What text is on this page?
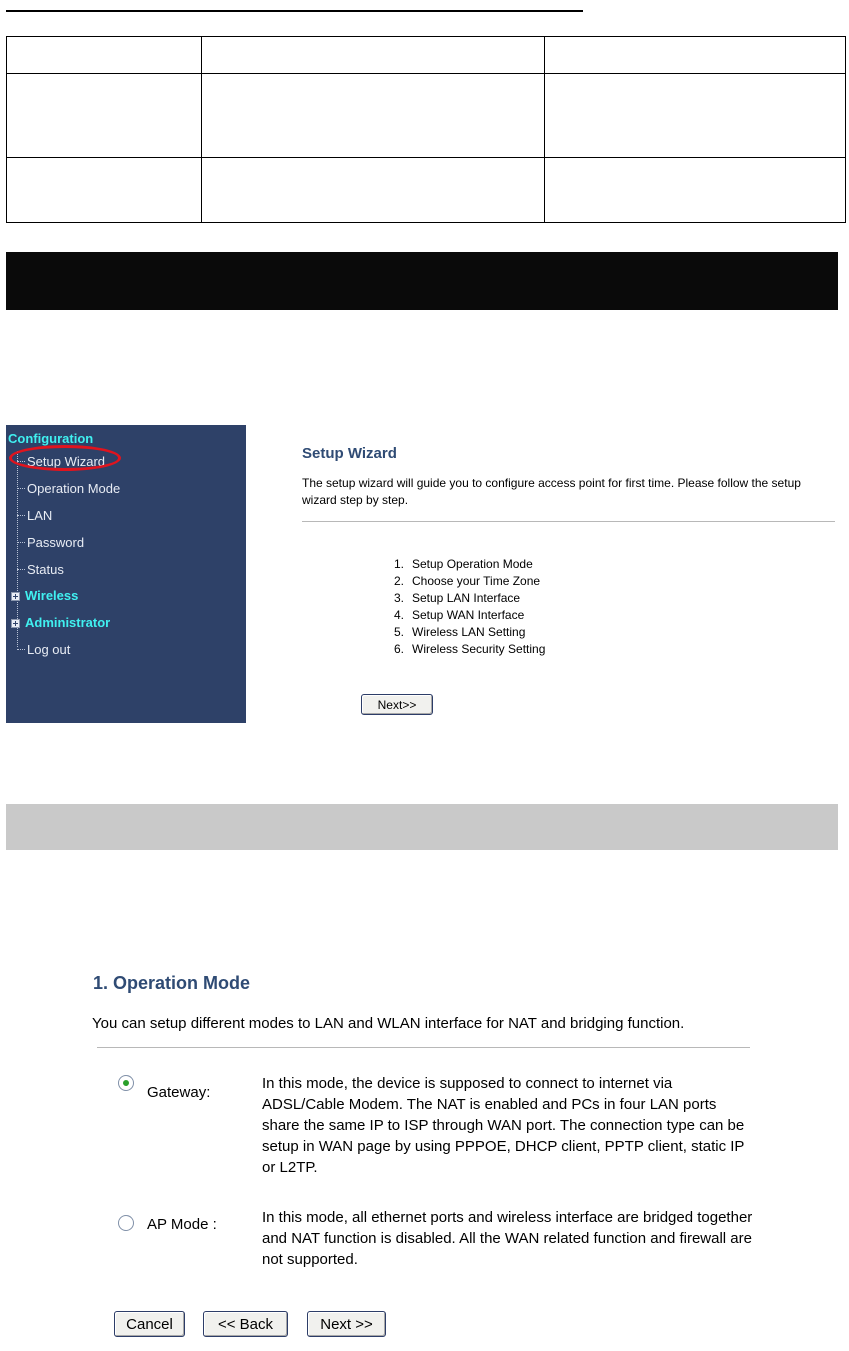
Configuration
Setup Wizard
Operation Mode
LAN
Password
Status
Wireless
Administrator
Log out
Setup Wizard
The setup wizard will guide you to configure access point for first time. Please follow the setup wizard step by step.
1. Setup Operation Mode
2. Choose your Time Zone
3. Setup LAN Interface
4. Setup WAN Interface
5. Wireless LAN Setting
6. Wireless Security Setting
Next>>
1. Operation Mode
You can setup different modes to LAN and WLAN interface for NAT and bridging function.
Gateway:
In this mode, the device is supposed to connect to internet via ADSL/Cable Modem. The NAT is enabled and PCs in four LAN ports share the same IP to ISP through WAN port. The connection type can be setup in WAN page by using PPPOE, DHCP client, PPTP client, static IP or L2TP.
AP Mode :	In this mode, all ethernet ports and wireless interface are bridged together and NAT function is disabled. All the WAN related function and firewall are not supported.
Cancel	<< Back	Next >>
